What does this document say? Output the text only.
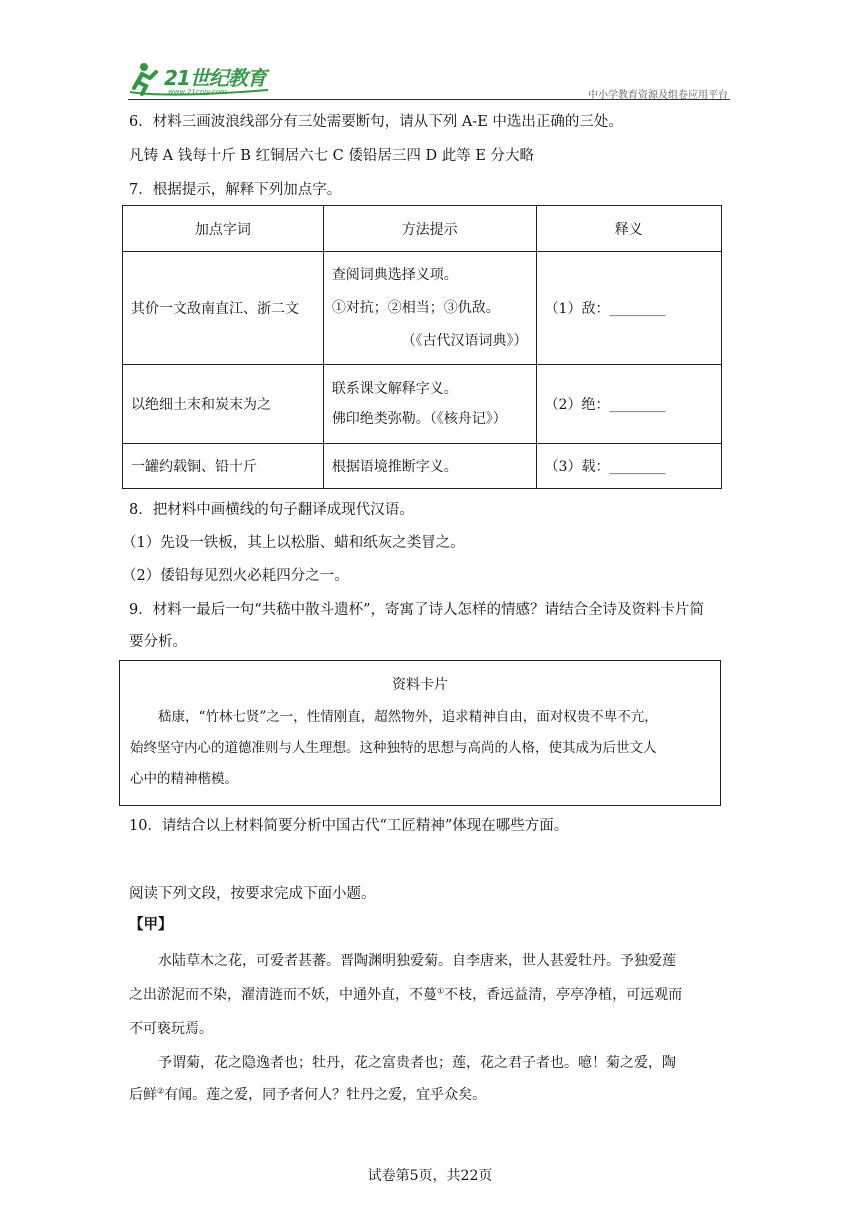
21世纪教育
www.21cnjy.com	中小学教育资源及组卷应用平台
6．材料三画波浪线部分有三处需要断句，请从下列 A-E 中选出正确的三处。
凡铸 A 钱每十斤 B 红铜居六七 C 倭铅居三四 D 此等 E 分大略
7．根据提示，解释下列加点字。
加点字词	方法提示	释义
其价一文敌南直江、浙二文	查阅词典选择义项。
①对抗；②相当；③仇敌。
（《古代汉语词典》）	（1）敌：________
以绝细土末和炭末为之	联系课文解释字义。
佛印绝类弥勒。（《核舟记》）	（2）绝：________
一罐约载铜、铅十斤	根据语境推断字义。	（3）载：________
8．把材料中画横线的句子翻译成现代汉语。
（1）先设一铁板，其上以松脂、蜡和纸灰之类冒之。
（2）倭铅每见烈火必耗四分之一。
9．材料一最后一句“共嵇中散斗遗杯”，寄寓了诗人怎样的情感？请结合全诗及资料卡片简
要分析。
资料卡片
嵇康，“竹林七贤”之一，性情刚直，超然物外，追求精神自由，面对权贵不卑不亢，
始终坚守内心的道德准则与人生理想。这种独特的思想与高尚的人格，使其成为后世文人
心中的精神楷模。
10．请结合以上材料简要分析中国古代“工匠精神”体现在哪些方面。
阅读下列文段，按要求完成下面小题。
【甲】
水陆草木之花，可爱者甚蕃。晋陶渊明独爱菊。自李唐来，世人甚爱牡丹。予独爱莲
之出淤泥而不染，濯清涟而不妖，中通外直，不蔓①不枝，香远益清，亭亭净植，可远观而
不可亵玩焉。
予谓菊，花之隐逸者也；牡丹，花之富贵者也；莲，花之君子者也。噫！菊之爱，陶
后鲜②有闻。莲之爱，同予者何人？牡丹之爱，宜乎众矣。
试卷第5页，共22页
